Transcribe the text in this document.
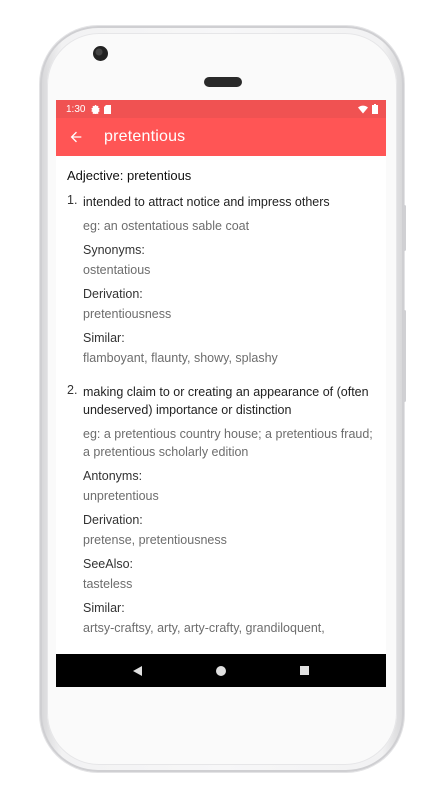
1:30
pretentious
Adjective: pretentious
1. intended to attract notice and impress others
eg: an ostentatious sable coat
Synonyms:
ostentatious
Derivation:
pretentiousness
Similar:
flamboyant, flaunty, showy, splashy
2. making claim to or creating an appearance of (often undeserved) importance or distinction
eg: a pretentious country house; a pretentious fraud; a pretentious scholarly edition
Antonyms:
unpretentious
Derivation:
pretense, pretentiousness
SeeAlso:
tasteless
Similar:
artsy-craftsy, arty, arty-crafty, grandiloquent,
